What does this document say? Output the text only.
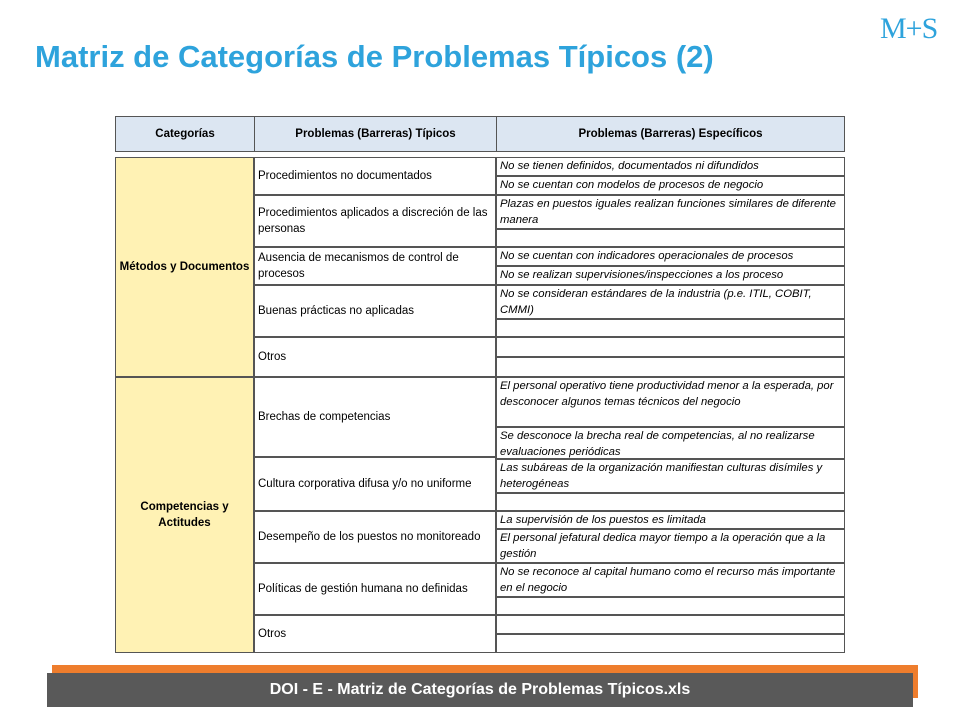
Matriz de Categorías de Problemas Típicos (2)
M+S
Categorías	Problemas (Barreras) Típicos	Problemas (Barreras) Específicos
Métodos y Documentos
Competencias y Actitudes
Procedimientos no documentados
Procedimientos aplicados a discreción de las personas
Ausencia de mecanismos de control de procesos
Buenas prácticas no aplicadas
Otros
Brechas de competencias
Cultura corporativa difusa y/o no uniforme
Desempeño de los puestos no monitoreado
Políticas de gestión humana no definidas
Otros
No se tienen definidos, documentados ni difundidos
No se cuentan con modelos de procesos de negocio
Plazas en puestos iguales realizan funciones similares de diferente manera
No se cuentan con indicadores operacionales de procesos
No se realizan supervisiones/inspecciones a los proceso
No se consideran estándares de la industria (p.e. ITIL, COBIT, CMMI)
El personal operativo tiene productividad menor a la esperada, por desconocer algunos temas técnicos del negocio
Se desconoce la brecha real de competencias, al no realizarse evaluaciones periódicas
Las subáreas de la organización manifiestan culturas disímiles y heterogéneas
La supervisión de los puestos es limitada
El personal jefatural dedica mayor tiempo a la operación que a la gestión
No se reconoce al capital humano como el recurso más importante en el negocio
DOI - E - Matriz de Categorías de Problemas Típicos.xls
